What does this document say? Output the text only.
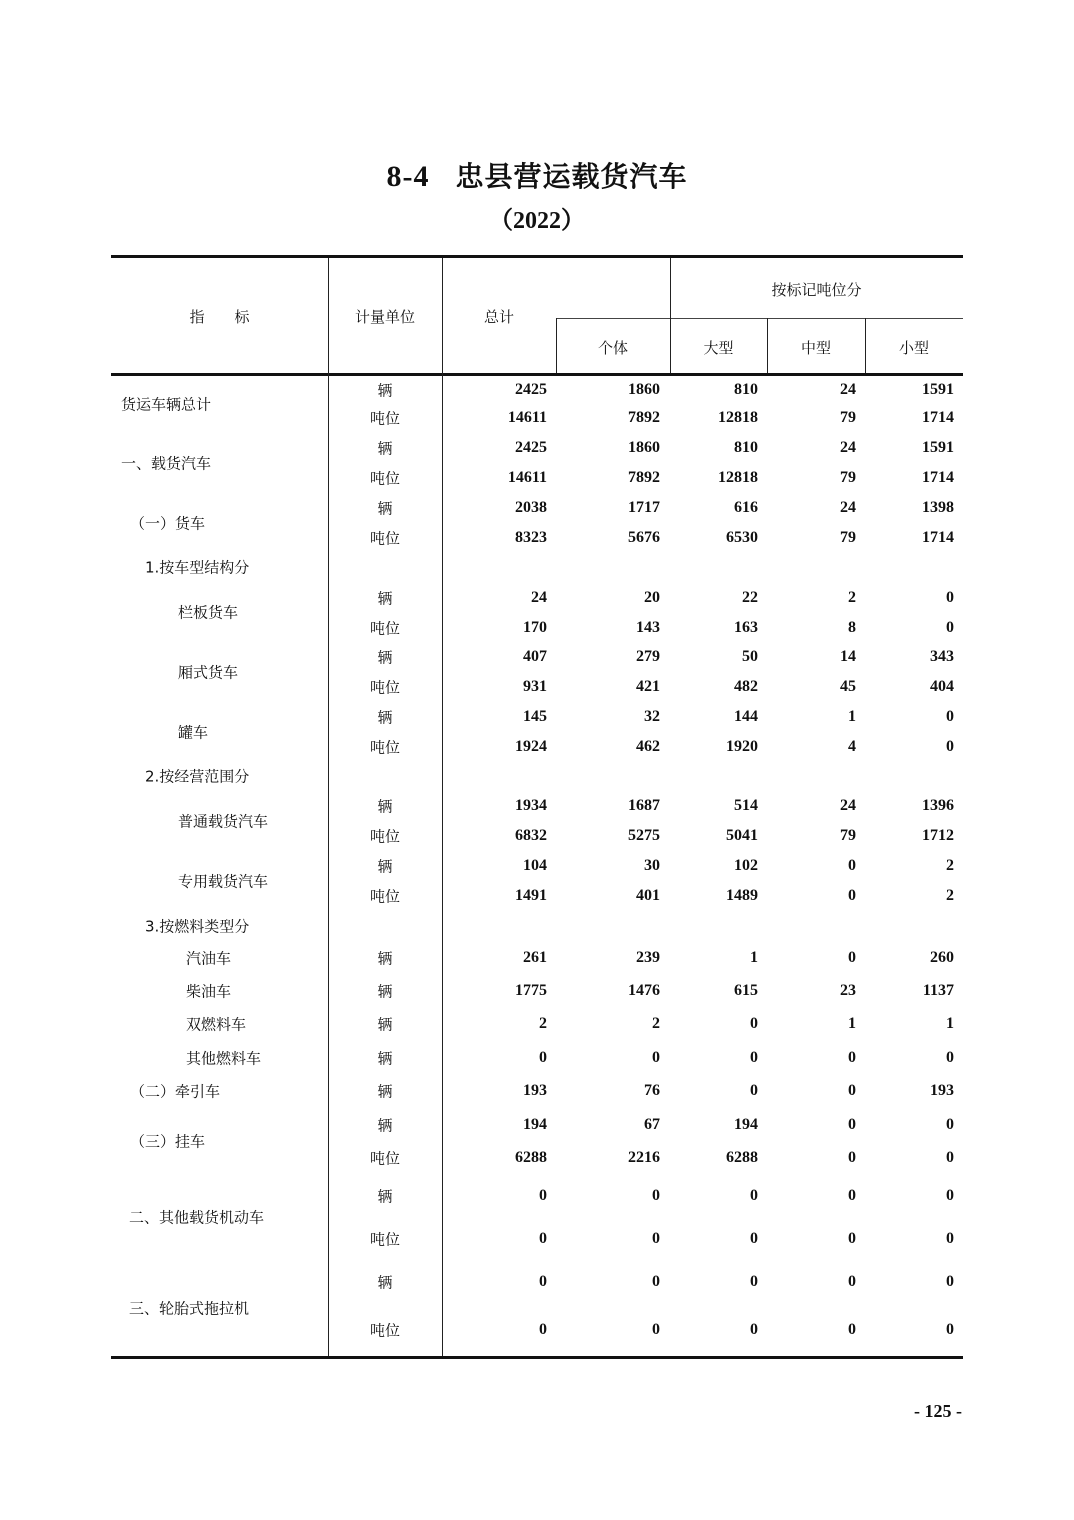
8-4 忠县营运载货汽车
（2022）
指　　标	计量单位	总计
按标记吨位分
个体	大型	中型	小型
货运车辆总计
辆	2425	1860	810	24	1591
吨位	14611	7892	12818	79	1714
一、载货汽车
辆	2425	1860	810	24	1591
吨位	14611	7892	12818	79	1714
（一）货车
辆	2038	1717	616	24	1398
吨位	8323	5676	6530	79	1714
1.按车型结构分
栏板货车
辆	24	20	22	2	0
吨位	170	143	163	8	0
厢式货车
辆	407	279	50	14	343
吨位	931	421	482	45	404
罐车
辆	145	32	144	1	0
吨位	1924	462	1920	4	0
2.按经营范围分
普通载货汽车
辆	1934	1687	514	24	1396
吨位	6832	5275	5041	79	1712
专用载货汽车
辆	104	30	102	0	2
吨位	1491	401	1489	0	2
3.按燃料类型分
汽油车	辆	261	239	1	0	260
柴油车	辆	1775	1476	615	23	1137
双燃料车	辆	2	2	0	1	1
其他燃料车	辆	0	0	0	0	0
（二）牵引车	辆	193	76	0	0	193
（三）挂车
辆	194	67	194	0	0
吨位	6288	2216	6288	0	0
二、其他载货机动车
辆	0	0	0	0	0
吨位	0	0	0	0	0
三、轮胎式拖拉机
辆	0	0	0	0	0
吨位	0	0	0	0	0
- 125 -
